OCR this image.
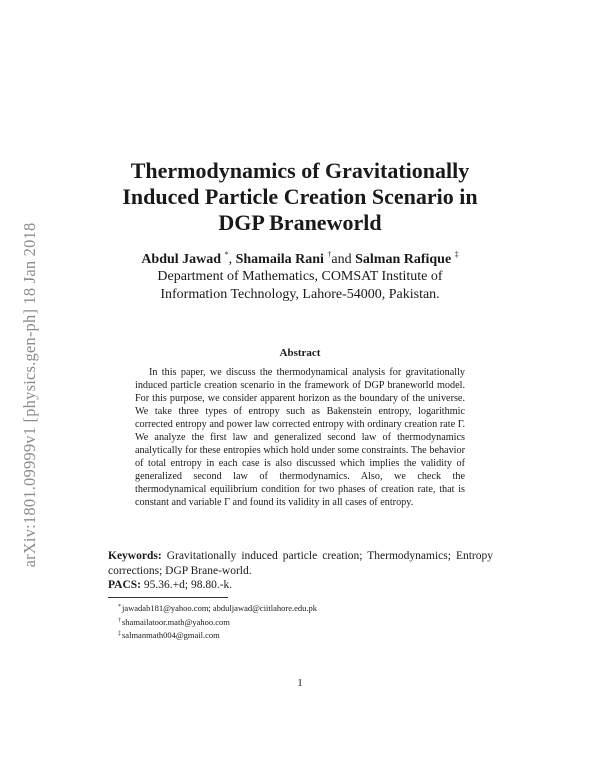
arXiv:1801.09999v1 [physics.gen-ph] 18 Jan 2018
Thermodynamics of Gravitationally
Induced Particle Creation Scenario in
DGP Braneworld
Abdul Jawad *, Shamaila Rani †and Salman Rafique ‡
Department of Mathematics, COMSAT Institute of
Information Technology, Lahore-54000, Pakistan.
Abstract
In this paper, we discuss the thermodynamical analysis for gravitationally induced particle creation scenario in the framework of DGP braneworld model. For this purpose, we consider apparent horizon as the boundary of the universe. We take three types of entropy such as Bakenstein entropy, logarithmic corrected entropy and power law corrected entropy with ordinary creation rate Γ. We analyze the first law and generalized second law of thermodynamics analytically for these entropies which hold under some constraints. The behavior of total entropy in each case is also discussed which implies the validity of generalized second law of thermodynamics. Also, we check the thermodynamical equilibrium condition for two phases of creation rate, that is constant and variable Γ and found its validity in all cases of entropy.
Keywords: Gravitationally induced particle creation; Thermodynamics; Entropy corrections; DGP Brane-world.
PACS: 95.36.+d; 98.80.-k.
*jawadab181@yahoo.com; abduljawad@ciitlahore.edu.pk
†shamailatoor.math@yahoo.com
‡salmanmath004@gmail.com
1
